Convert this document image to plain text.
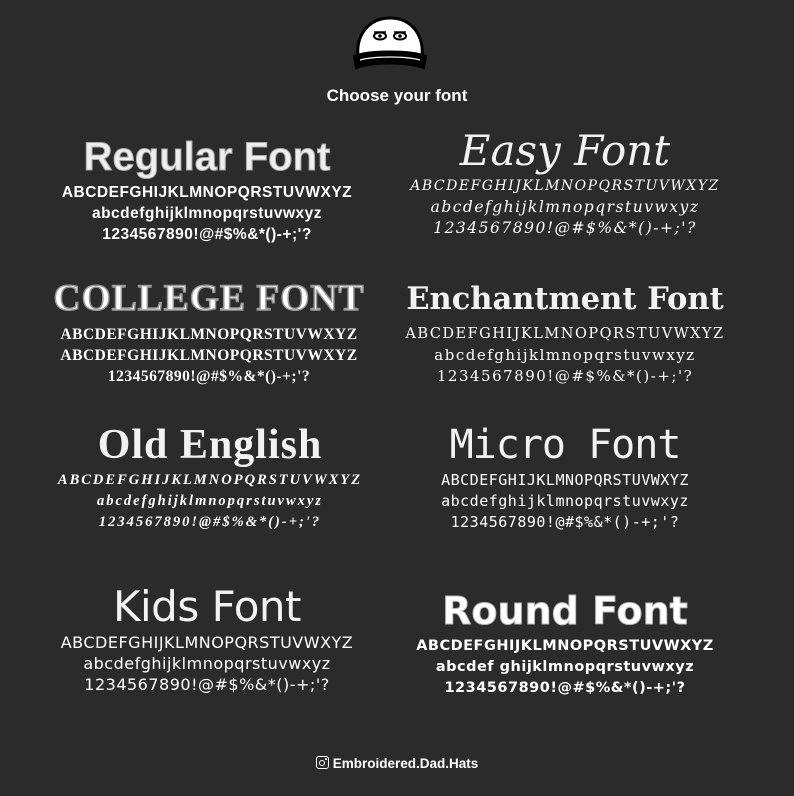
Choose your font
Regular Font
ABCDEFGHIJKLMNOPQRSTUVWXYZ
abcdefghijklmnopqrstuvwxyz
1234567890!@#$%&*()-+;'?
Easy Font
ABCDEFGHIJKLMNOPQRSTUVWXYZ
abcdefghijklmnopqrstuvwxyz
1234567890!@#$%&*()-+;'?
COLLEGE FONT
ABCDEFGHIJKLMNOPQRSTUVWXYZ
ABCDEFGHIJKLMNOPQRSTUVWXYZ
1234567890!@#$%&*()-+;'?
Enchantment Font
ABCDEFGHIJKLMNOPQRSTUVWXYZ
abcdefghijklmnopqrstuvwxyz
1234567890!@#$%&*()-+;'?
Old English
ABCDEFGHIJKLMNOPQRSTUVWXYZ
abcdefghijklmnopqrstuvwxyz
1234567890!@#$%&*()-+;'?
Micro Font
ABCDEFGHIJKLMNOPQRSTUVWXYZ
abcdefghijklmnopqrstuvwxyz
1234567890!@#$%&*()-+;'?
Kids Font
ABCDEFGHIJKLMNOPQRSTUVWXYZ
abcdefghijklmnopqrstuvwxyz
1234567890!@#$%&*()-+;'?
Round Font
ABCDEFGHIJKLMNOPQRSTUVWXYZ
abcdef ghijklmnopqrstuvwxyz
1234567890!@#$%&*()-+;'?
Embroidered.Dad.Hats
